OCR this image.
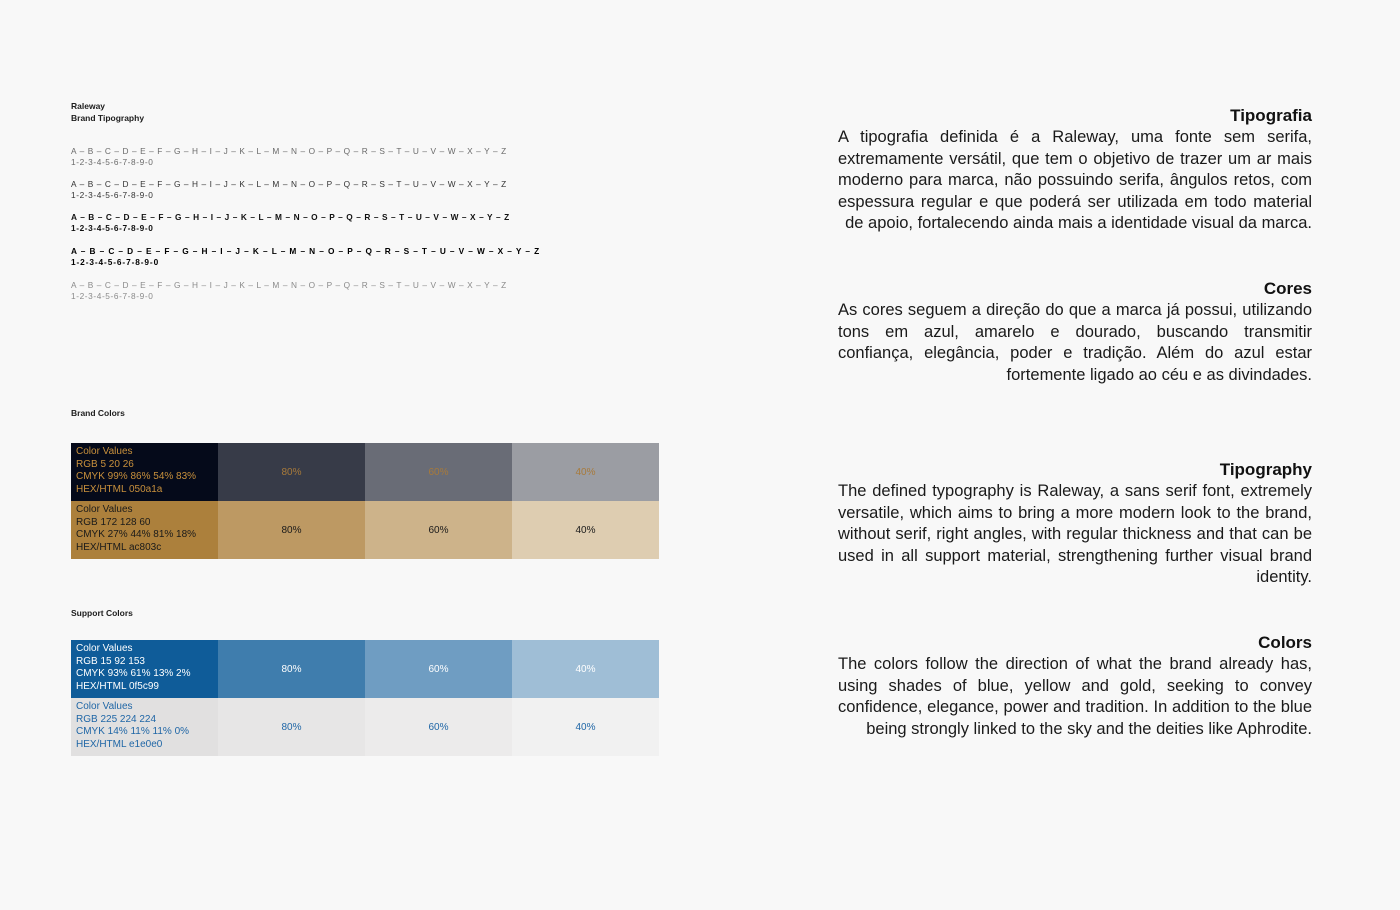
Raleway
Brand Tipography
A – B – C – D – E – F – G – H – I – J – K – L – M – N – O – P – Q – R – S – T – U – V – W – X – Y – Z
1-2-3-4-5-6-7-8-9-0
A – B – C – D – E – F – G – H – I – J – K – L – M – N – O – P – Q – R – S – T – U – V – W – X – Y – Z
1-2-3-4-5-6-7-8-9-0
A – B – C – D – E – F – G – H – I – J – K – L – M – N – O – P – Q – R – S – T – U – V – W – X – Y – Z
1-2-3-4-5-6-7-8-9-0
A – B – C – D – E – F – G – H – I – J – K – L – M – N – O – P – Q – R – S – T – U – V – W – X – Y – Z
1-2-3-4-5-6-7-8-9-0
A – B – C – D – E – F – G – H – I – J – K – L – M – N – O – P – Q – R – S – T – U – V – W – X – Y – Z
1-2-3-4-5-6-7-8-9-0
Brand Colors
Color Values
RGB 5 20 26
CMYK 99% 86% 54% 83%
HEX/HTML 050a1a
80%	60%	40%
Color Values
RGB 172 128 60
CMYK 27% 44% 81% 18%
HEX/HTML ac803c
80%	60%	40%
Support Colors
Color Values
RGB 15 92 153
CMYK 93% 61% 13% 2%
HEX/HTML 0f5c99
80%	60%	40%
Color Values
RGB 225 224 224
CMYK 14% 11% 11% 0%
HEX/HTML e1e0e0
80%	60%	40%
Tipografia
A tipografia definida é a Raleway, uma fonte sem serifa, extremamente versátil, que tem o objetivo de trazer um ar mais moderno para marca, não possuindo serifa, ângulos retos, com espessura regular e que poderá ser utilizada em todo material de apoio, fortalecendo ainda mais a identidade visual da marca.
Cores
As cores seguem a direção do que a marca já possui, utilizando tons em azul, amarelo e dourado, buscando transmitir confiança, elegância, poder e tradição. Além do azul estar fortemente ligado ao céu e as divindades.
Tipography
The defined typography is Raleway, a sans serif font, extremely versatile, which aims to bring a more modern look to the brand, without serif, right angles, with regular thickness and that can be used in all support material, strengthening further visual brand identity.
Colors
The colors follow the direction of what the brand already has, using shades of blue, yellow and gold, seeking to convey confidence, elegance, power and tradition. In addition to the blue being strongly linked to the sky and the deities like Aphrodite.
